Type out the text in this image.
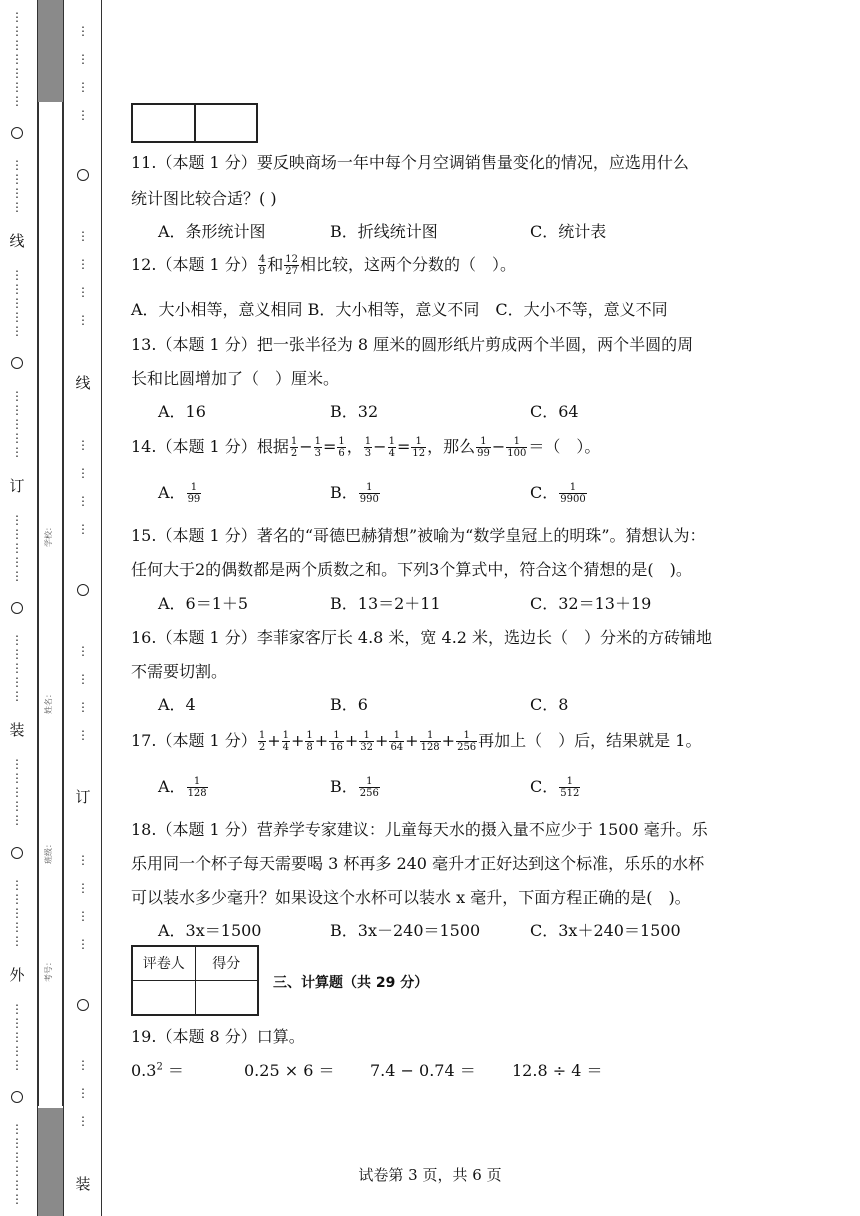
⋮
⋮
⋮
⋮
⋮
⋮
⋮
⋮
⋮
⋮
⋮
线
⋮
⋮
⋮
⋮
⋮
⋮
⋮
⋮
⋮
⋮
订
⋮
⋮
⋮
⋮
⋮
⋮
⋮
⋮
⋮
⋮
装
⋮
⋮
⋮
⋮
⋮
⋮
⋮
⋮
⋮
⋮
外
⋮
⋮
⋮
⋮
⋮
⋮
⋮
⋮
⋮
⋮
⋮
学校：
姓名：
班级：
考号：
⋮

⋮

⋮

⋮
⋮

⋮

⋮

⋮
线
⋮

⋮

⋮

⋮
⋮

⋮

⋮

⋮
订
⋮

⋮

⋮

⋮
⋮

⋮

⋮
装
11.（本题 1 分）要反映商场一年中每个月空调销售量变化的情况，应选用什么
统计图比较合适？( )
A．条形统计图	B．折线统计图	C．统计表
12.（本题 1 分） $\frac{4}{9}$ 和 $\frac{12}{27}$ 相比较，这两个分数的（　）。
A．大小相等，意义相同 B．大小相等，意义不同　C．大小不等，意义不同
13.（本题 1 分）把一张半径为 8 厘米的圆形纸片剪成两个半圆，两个半圆的周
长和比圆增加了（　）厘米。
A．16	B．32	C．64
14.（本题 1 分）根据 $\frac{1}{2} - \frac{1}{3} = \frac{1}{6}$ ， $\frac{1}{3} - \frac{1}{4} = \frac{1}{12}$ ，那么 $\frac{1}{99} - \frac{1}{100}$ ＝（　）。
A． $\frac{1}{99}$	B． $\frac{1}{990}$	C． $\frac{1}{9900}$
15.（本题 1 分）著名的“哥德巴赫猜想”被喻为“数学皇冠上的明珠”。猜想认为：
任何大于2的偶数都是两个质数之和。下列3个算式中，符合这个猜想的是(　)。
A．6＝1＋5	B．13＝2＋11	C．32＝13＋19
16.（本题 1 分）李菲家客厅长 4.8 米，宽 4.2 米，选边长（　）分米的方砖铺地
不需要切割。
A．4	B．6	C．8
17.（本题 1 分） $\frac{1}{2} + \frac{1}{4} + \frac{1}{8} + \frac{1}{16} + \frac{1}{32} + \frac{1}{64} + \frac{1}{128} + \frac{1}{256}$ 再加上（　）后，结果就是 1。
A． $\frac{1}{128}$	B． $\frac{1}{256}$	C． $\frac{1}{512}$
18.（本题 1 分）营养学专家建议：儿童每天水的摄入量不应少于 1500 毫升。乐
乐用同一个杯子每天需要喝 3 杯再多 240 毫升才正好达到这个标准，乐乐的水杯
可以装水多少毫升？如果设这个水杯可以装水 x 毫升，下面方程正确的是(　)。
A．3x＝1500	B．3x－240＝1500	C．3x＋240＝1500
评卷人	得分
三、计算题（共 29 分）
19.（本题 8 分）口算。
$0.3^2$ ＝	0.25 × 6 ＝ 7.4 − 0.74 ＝ 12.8 ÷ 4 ＝
试卷第 3 页，共 6 页
